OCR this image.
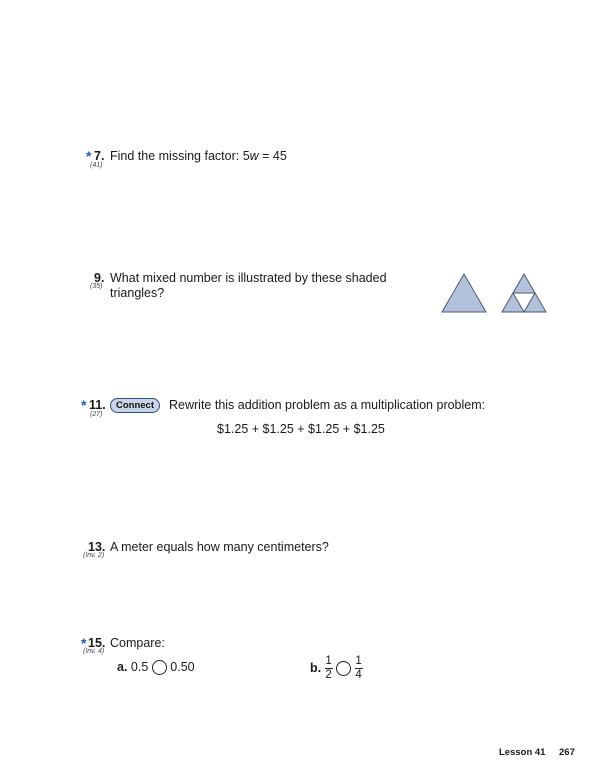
* 7.
(41)
Find the missing factor: 5w = 45
9.
(35)
What mixed number is illustrated by these shaded
triangles?
* 11.
(27)
Connect	Rewrite this addition problem as a multiplication problem:
$1.25 + $1.25 + $1.25 + $1.25
13.
(Inv. 2)
A meter equals how many centimeters?
* 15.
(Inv. 4)
Compare:
a. 0.5 0.50	b. $\frac{1}{2}$
$\frac{1}{4}$
Lesson 41 267
